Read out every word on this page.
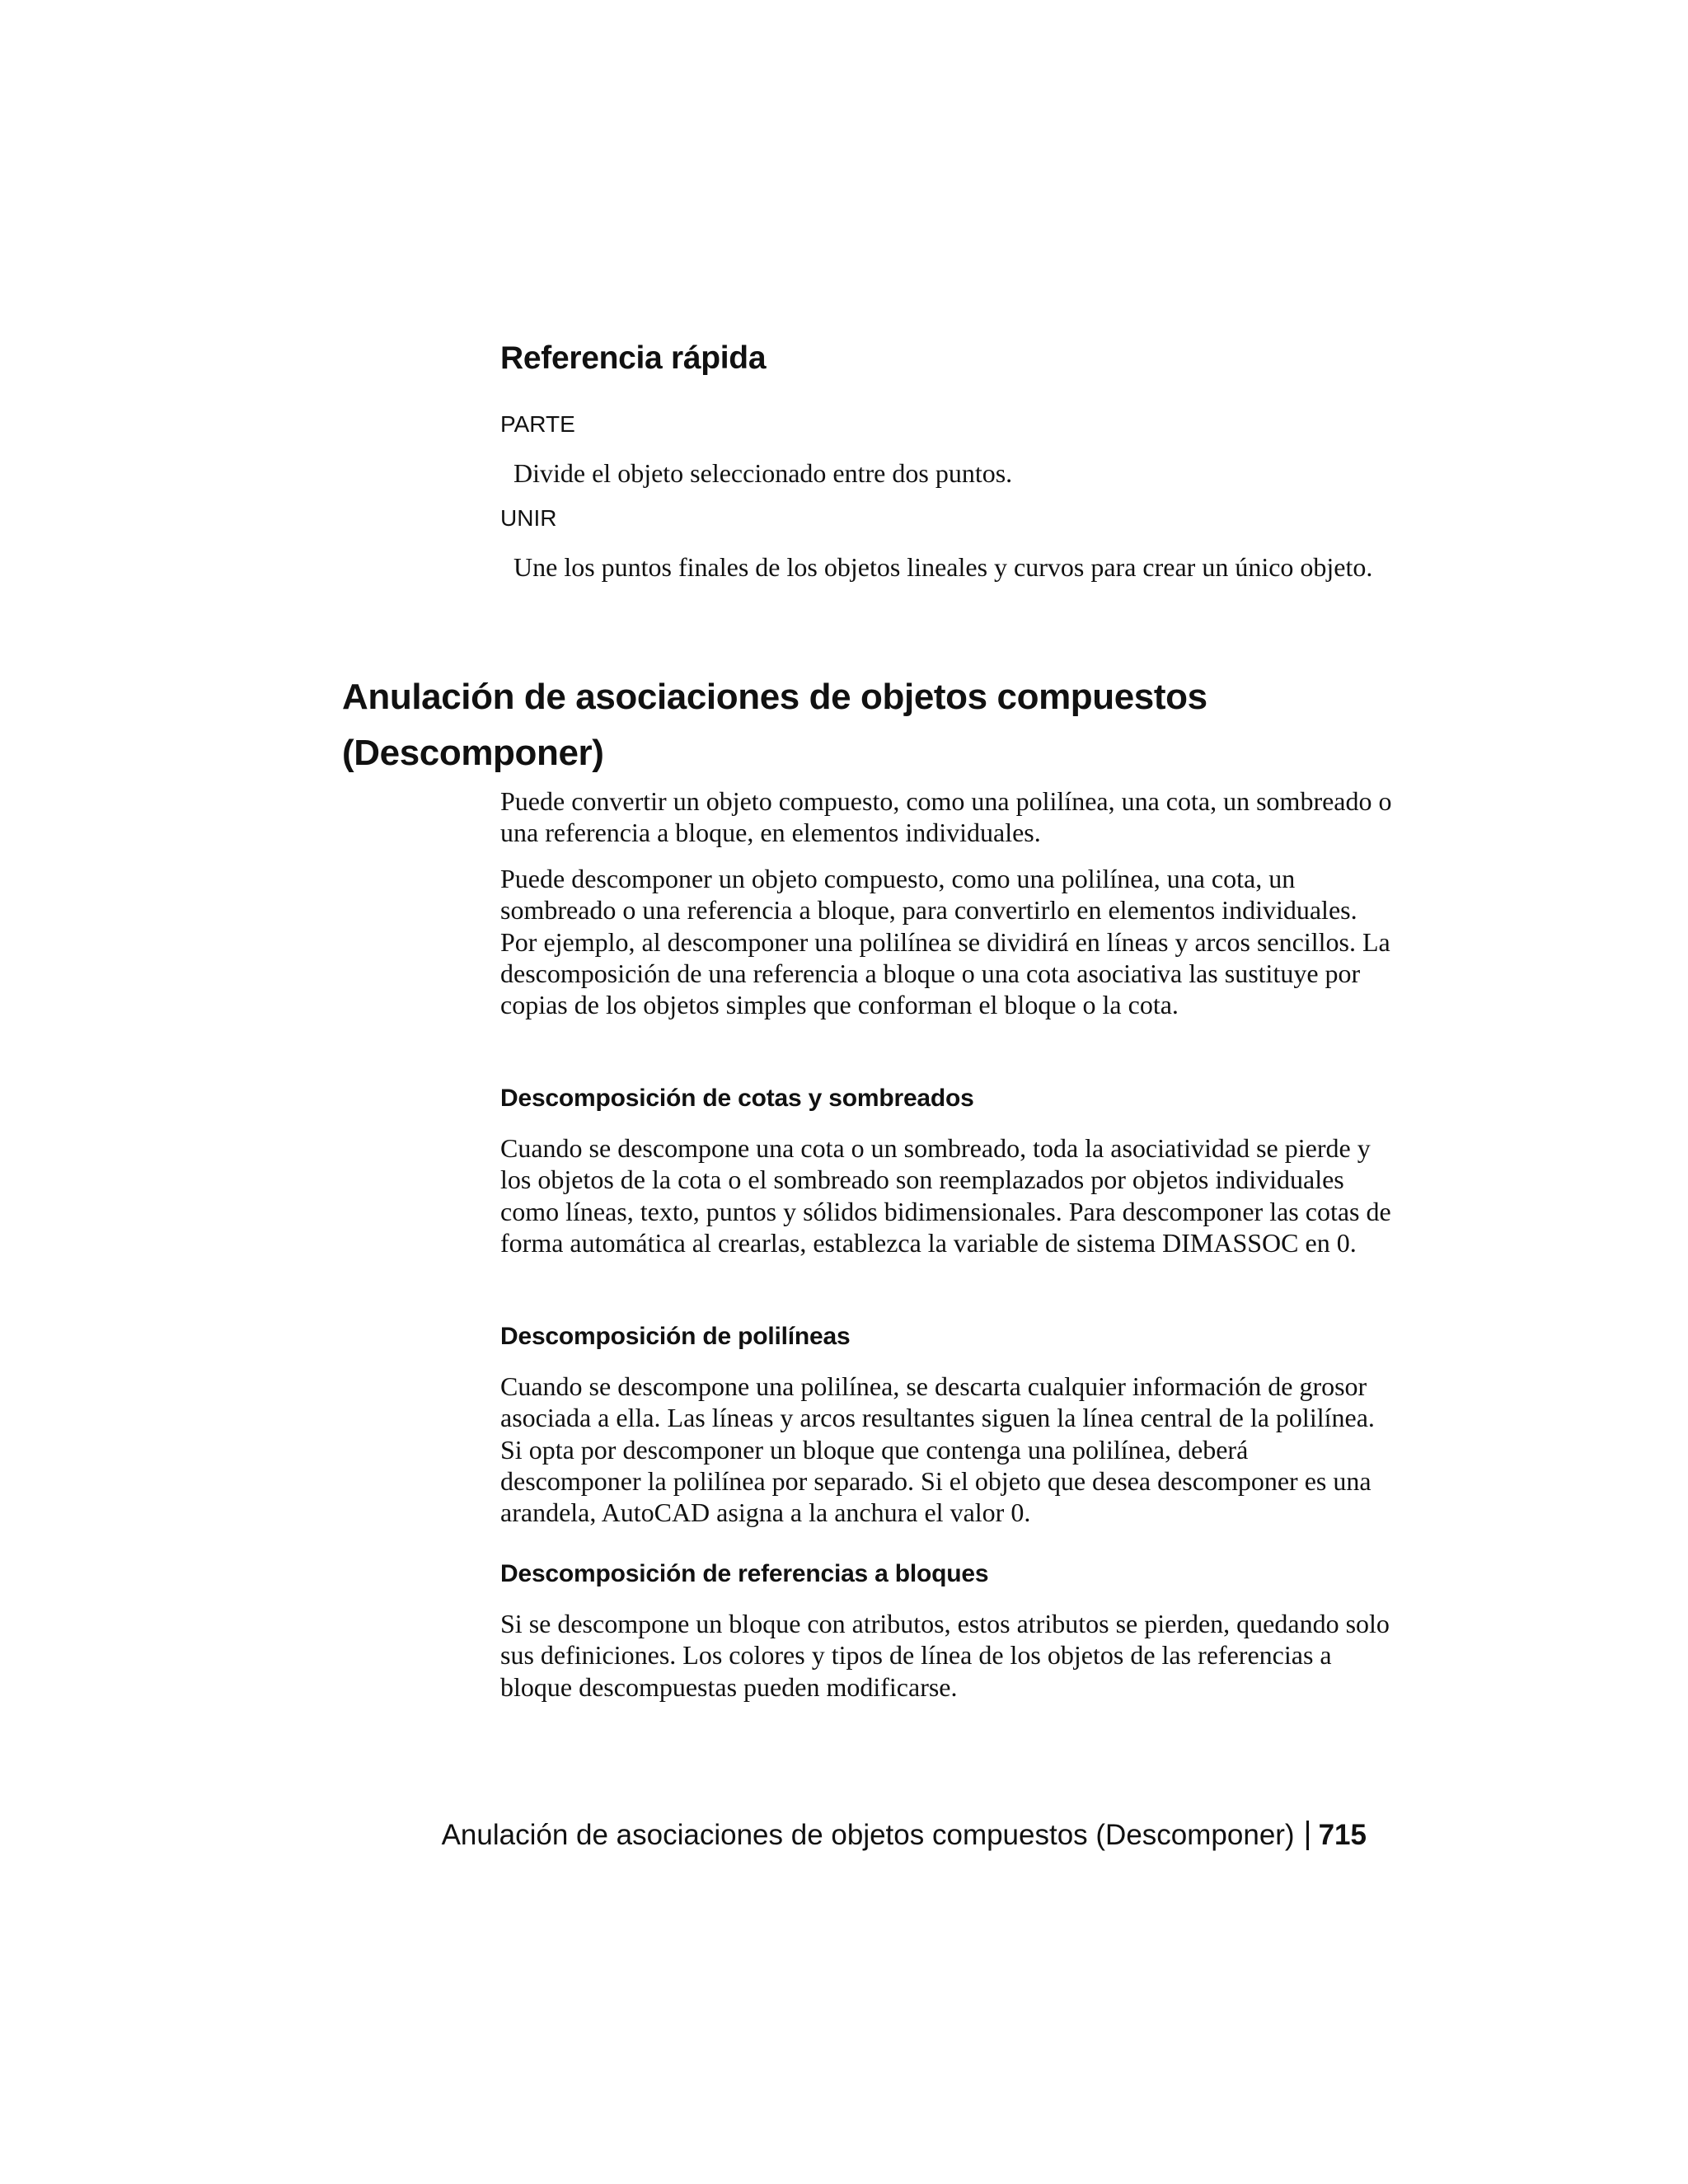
Referencia rápida

PARTE

Divide el objeto seleccionado entre dos puntos.

UNIR

Une los puntos finales de los objetos lineales y curvos para crear un único objeto.

Anulación de asociaciones de objetos compuestos (Descomponer)

Puede convertir un objeto compuesto, como una polilínea, una cota, un sombreado o una referencia a bloque, en elementos individuales.

Puede descomponer un objeto compuesto, como una polilínea, una cota, un sombreado o una referencia a bloque, para convertirlo en elementos individuales. Por ejemplo, al descomponer una polilínea se dividirá en líneas y arcos sencillos. La descomposición de una referencia a bloque o una cota asociativa las sustituye por copias de los objetos simples que conforman el bloque o la cota.

Descomposición de cotas y sombreados

Cuando se descompone una cota o un sombreado, toda la asociatividad se pierde y los objetos de la cota o el sombreado son reemplazados por objetos individuales como líneas, texto, puntos y sólidos bidimensionales. Para descomponer las cotas de forma automática al crearlas, establezca la variable de sistema DIMASSOC en 0.

Descomposición de polilíneas

Cuando se descompone una polilínea, se descarta cualquier información de grosor asociada a ella. Las líneas y arcos resultantes siguen la línea central de la polilínea. Si opta por descomponer un bloque que contenga una polilínea, deberá descomponer la polilínea por separado. Si el objeto que desea descomponer es una arandela, AutoCAD asigna a la anchura el valor 0.

Descomposición de referencias a bloques

Si se descompone un bloque con atributos, estos atributos se pierden, quedando solo sus definiciones. Los colores y tipos de línea de los objetos de las referencias a bloque descompuestas pueden modificarse.

Anulación de asociaciones de objetos compuestos (Descomponer) 715
